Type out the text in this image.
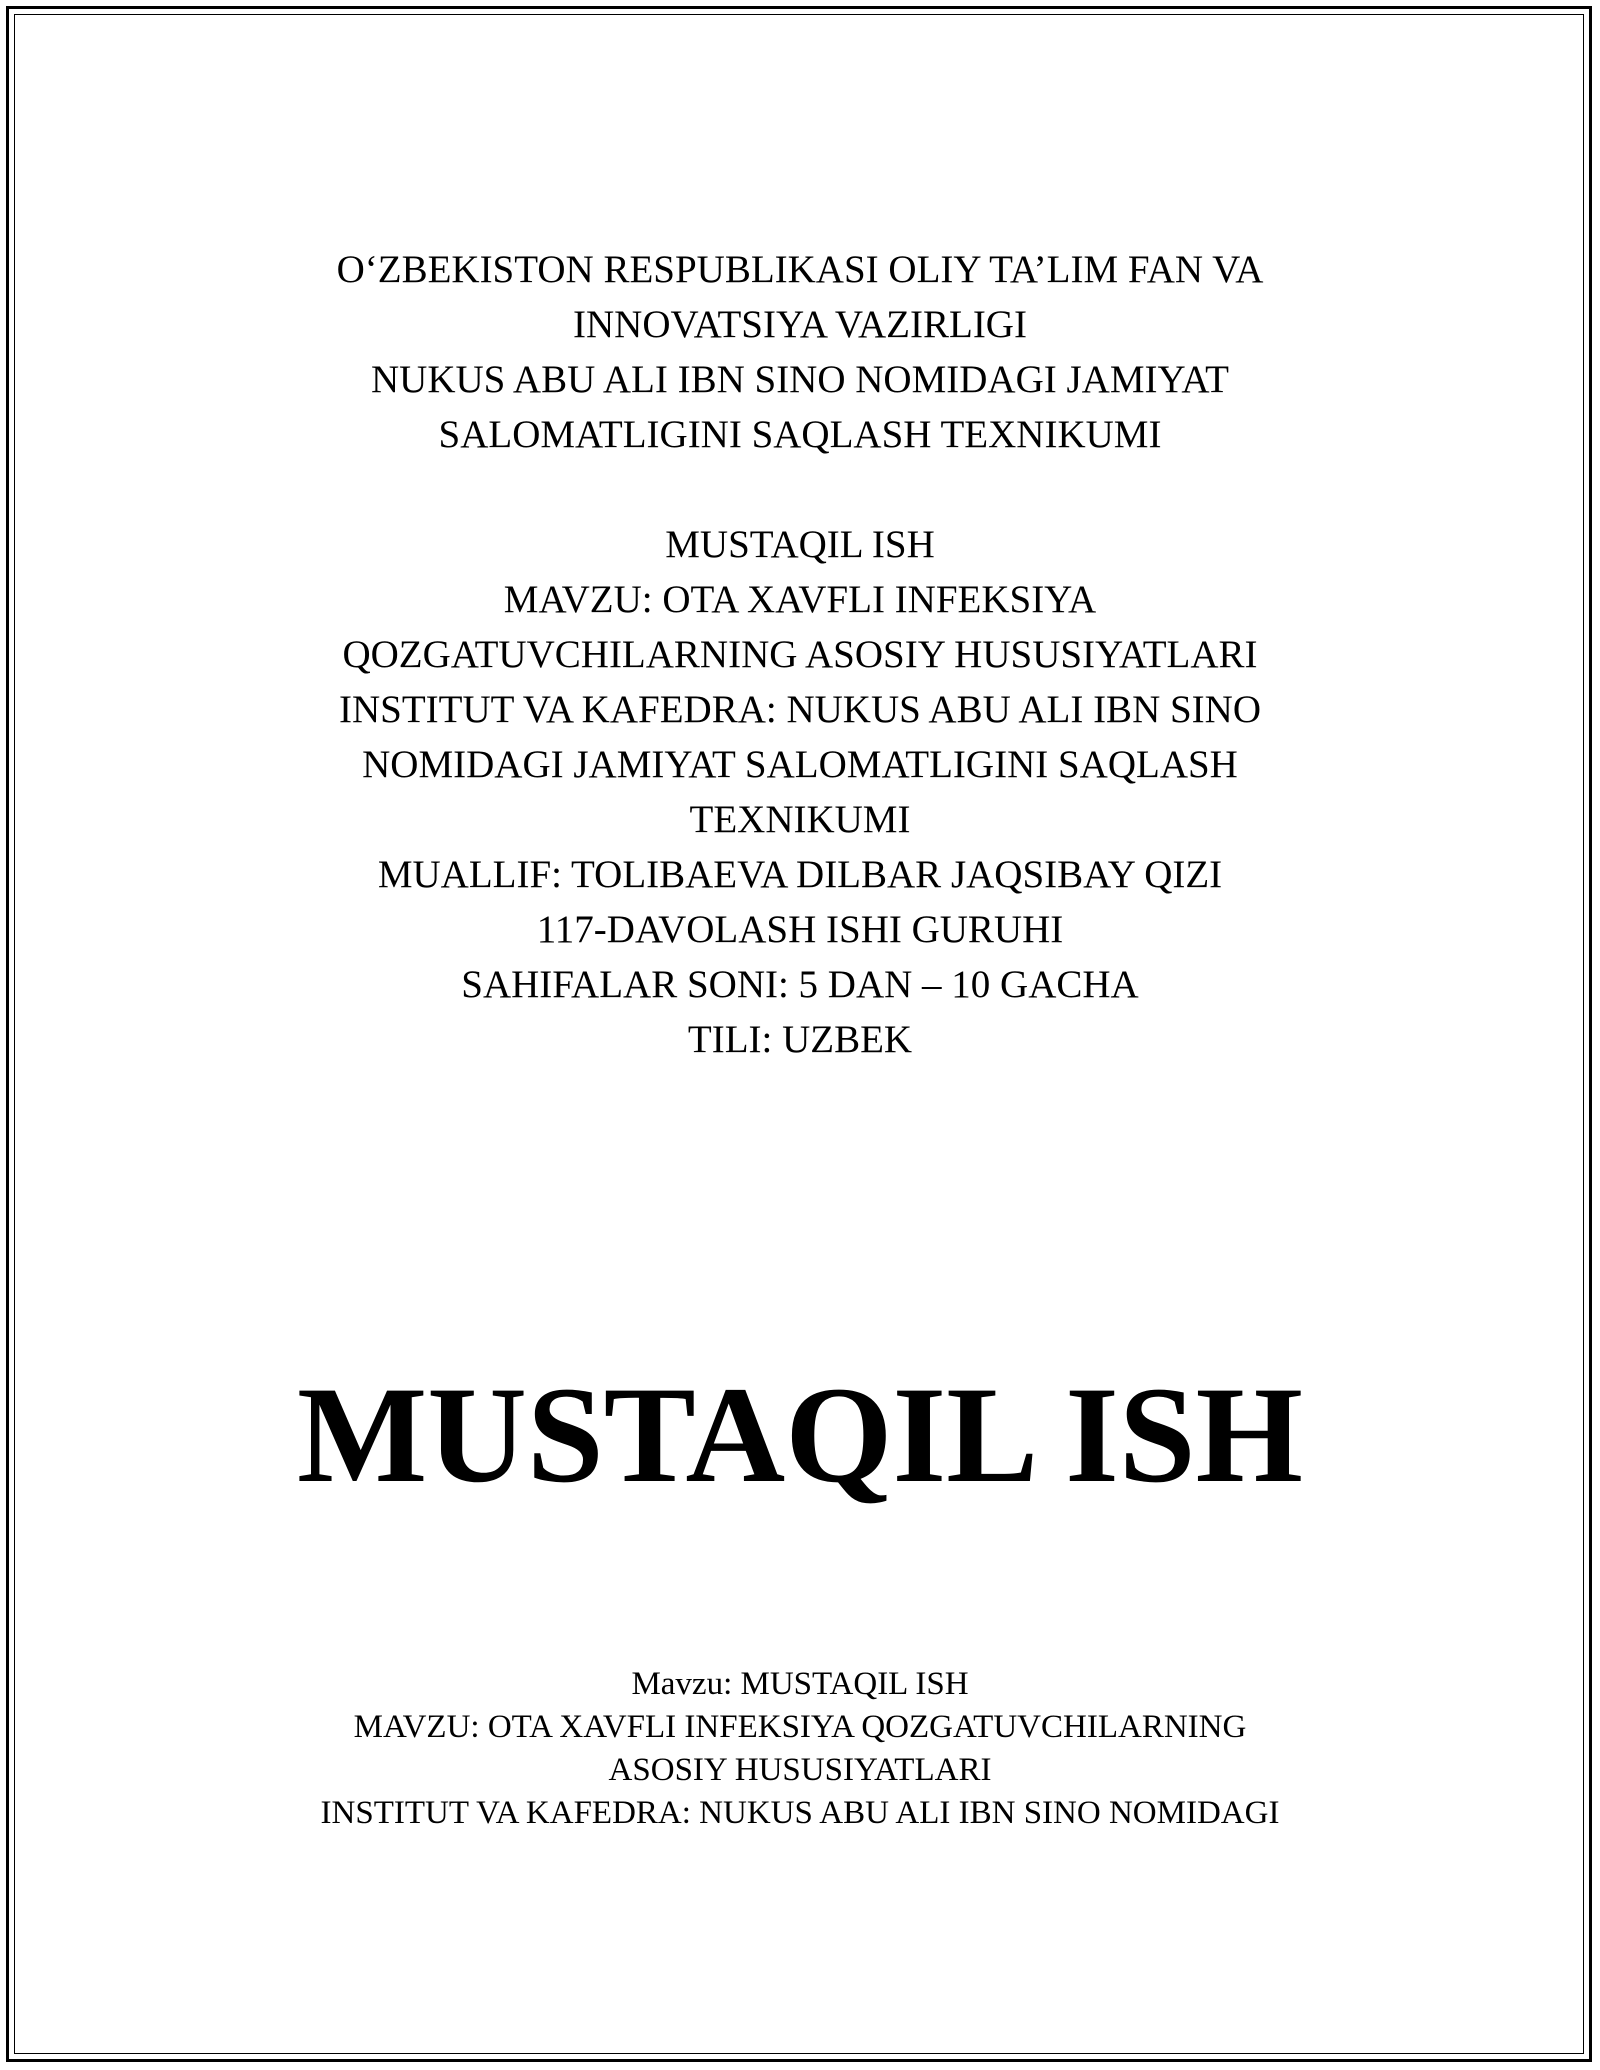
O‘ZBEKISTON RESPUBLIKASI OLIY TA’LIM FAN VA
INNOVATSIYA VAZIRLIGI
NUKUS ABU ALI IBN SINO NOMIDAGI JAMIYAT
SALOMATLIGINI SAQLASH TEXNIKUMI
MUSTAQIL ISH
MAVZU: OTA XAVFLI INFEKSIYA
QOZGATUVCHILARNING ASOSIY HUSUSIYATLARI
INSTITUT VA KAFEDRA: NUKUS ABU ALI IBN SINO
NOMIDAGI JAMIYAT SALOMATLIGINI SAQLASH
TEXNIKUMI
MUALLIF: TOLIBAEVA DILBAR JAQSIBAY QIZI
117-DAVOLASH ISHI GURUHI
SAHIFALAR SONI: 5 DAN – 10 GACHA
TILI: UZBEK
MUSTAQIL ISH
Mavzu: MUSTAQIL ISH
MAVZU: OTA XAVFLI INFEKSIYA QOZGATUVCHILARNING
ASOSIY HUSUSIYATLARI
INSTITUT VA KAFEDRA: NUKUS ABU ALI IBN SINO NOMIDAGI
